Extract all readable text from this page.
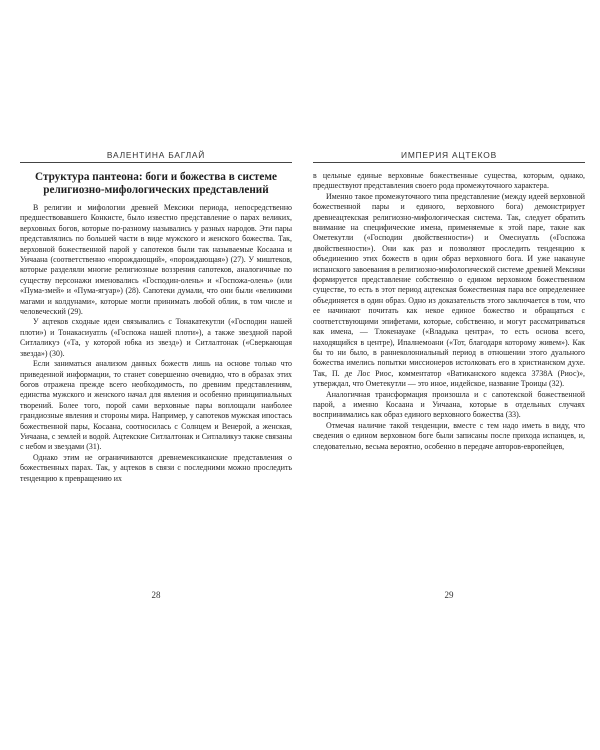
ВАЛЕНТИНА БАГЛАЙ
Структура пантеона: боги и божества в системе религиозно-мифологических представлений

В религии и мифологии древней Мексики периода, непосредственно предшествовавшего Конкисте, было известно представление о парах великих, верховных богов, которые по-разному назывались у разных народов. Эти пары представлялись по большей части в виде мужского и женского божества. Так, верховной божественной парой у сапотеков были так называемые Косаана и Уичаана (соответственно «порождающий», «порождающая») (27). У миштеков, которые разделяли многие религиозные воззрения сапотеков, аналогичные по существу персонажи именовались «Господин-олень» и «Госпожа-олень» (или «Пума-змей» и «Пума-ягуар») (28). Сапотеки думали, что они были «великими магами и колдунами», которые могли принимать любой облик, в том числе и человеческий (29).

У ацтеков сходные идеи связывались с Тонакатекутли («Господин нашей плоти») и Тонакасиуатль («Госпожа нашей плоти»), а также звездной парой Ситлаликуэ («Та, у которой юбка из звезд») и Ситлалтонак («Сверкающая звезда») (30).

Если заниматься анализом данных божеств лишь на основе только что приведенной информации, то станет совершенно очевидно, что в образах этих богов отражена прежде всего необходимость, по древним представлениям, единства мужского и женского начал для явления и особенно принципиальных творений. Более того, порой сами верховные пары воплощали наиболее грандиозные явления и стороны мира. Например, у сапотеков мужская ипостась божественной пары, Косаана, соотносилась с Солнцем и Венерой, а женская, Уичаана, с землей и водой. Ацтекские Ситлалтонак и Ситлаликуэ также связаны с небом и звездами (31).

Однако этим не ограничиваются древнемексиканские представления о божественных парах. Так, у ацтеков в связи с последними можно проследить тенденцию к превращению их

28
ИМПЕРИЯ АЦТЕКОВ

в цельные единые верховные божественные существа, которым, однако, предшествуют представления своего рода промежуточного характера.

Именно такое промежуточного типа представление (между идеей верховной божественной пары и единого, верховного бога) демонстрирует древнеацтекская религиозно-мифологическая система. Так, следует обратить внимание на специфические имена, применяемые к этой паре, такие как Ометекутли («Господин двойственности») и Омесиуатль («Госпожа двойственности»). Они как раз и позволяют проследить тенденцию к объединению этих божеств в один образ верховного бога. И уже накануне испанского завоевания в религиозно-мифологической системе древней Мексики формируется представление собственно о едином верховном божественном существе, то есть в этот период ацтекская божественная пара все определеннее объединяется в один образ. Одно из доказательств этого заключается в том, что ее начинают почитать как некое единое божество и обращаться с соответствующими эпифетами, которые, собственно, и могут рассматриваться как имена, — Тлокенауаке («Владыка центра», то есть основа всего, находящийся в центре), Ипалнемоани («Тот, благодаря которому живем»). Как бы то ни было, в раннеколониальный период в отношении этого дуального божества имелись попытки миссионеров истолковать его в христианском духе. Так, П. де Лос Риос, комментатор «Ватиканского кодекса 3738A (Риос)», утверждал, что Ометекутли — это иное, индейское, название Троицы (32).

Аналогичная трансформация произошла и с сапотекской божественной парой, а именно Косаана и Уичаана, которые в отдельных случаях воспринимались как образ единого верховного божества (33).

Отмечая наличие такой тенденции, вместе с тем надо иметь в виду, что сведения о едином верховном боге были записаны после прихода испанцев, и, следовательно, весьма вероятно, особенно в передаче авторов-европейцев,

29
